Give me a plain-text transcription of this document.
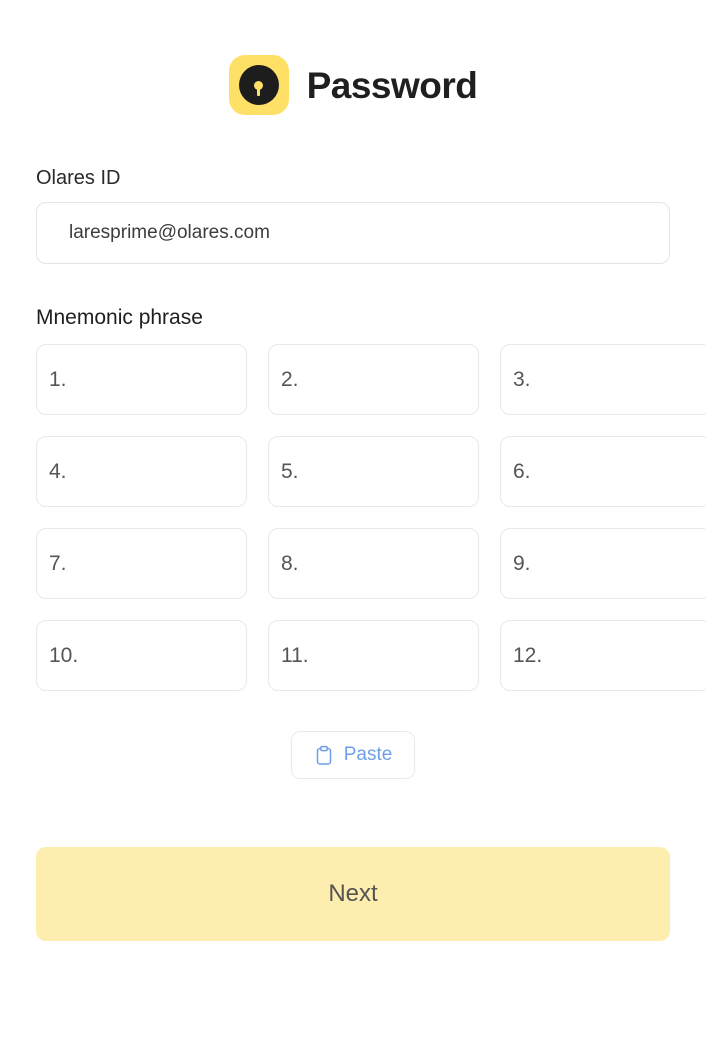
Password
Olares ID
laresprime@olares.com
Mnemonic phrase
1.	2.	3.
4.	5.	6.
7.	8.	9.
10.	11.	12.
Paste
Next
